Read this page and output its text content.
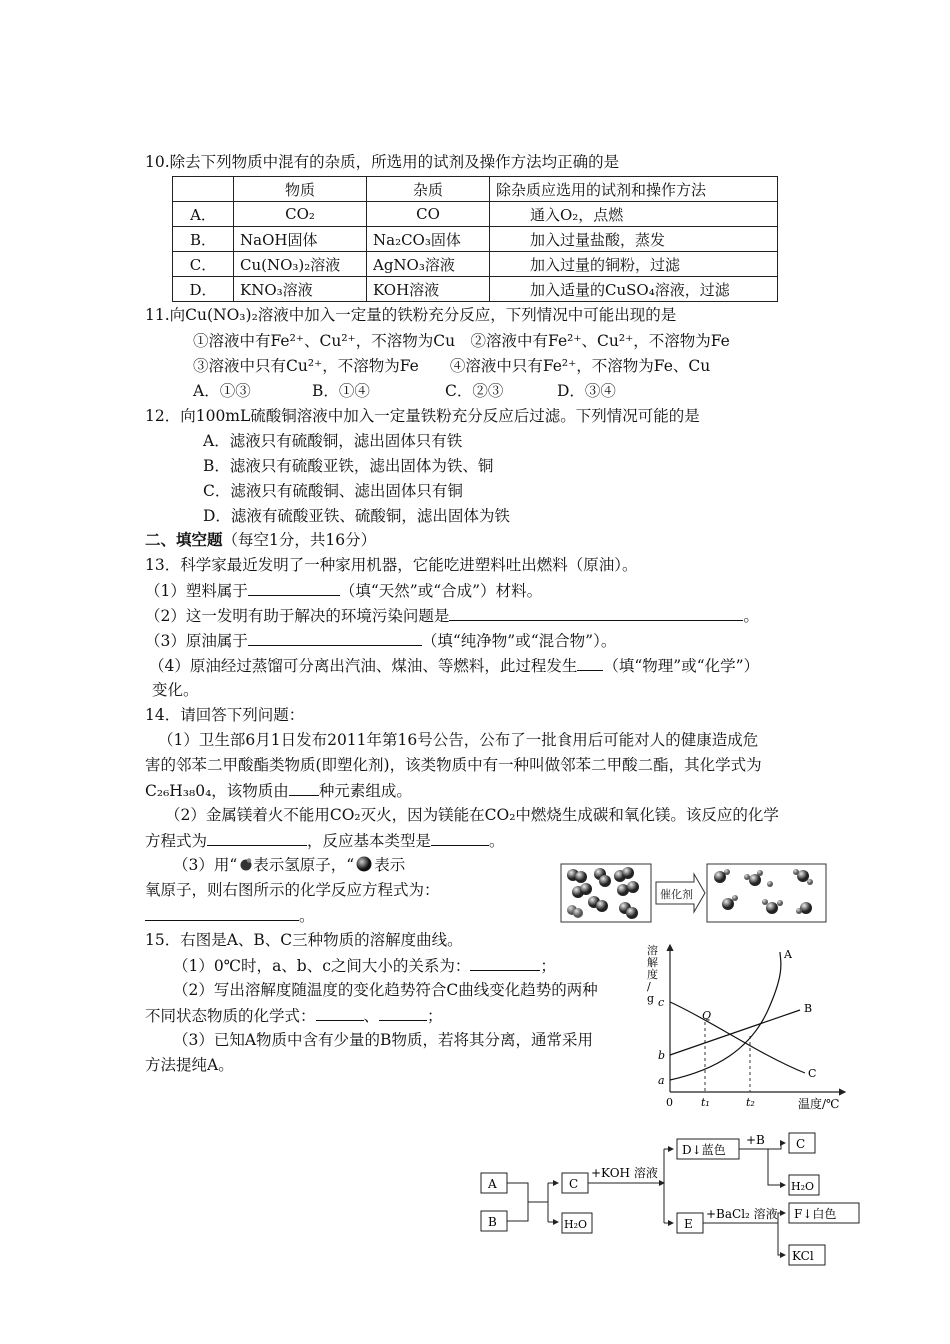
10.除去下列物质中混有的杂质，所选用的试剂及操作方法均正确的是
	物质	杂质	除杂质应选用的试剂和操作方法
A．	CO₂	CO	通入O₂，点燃
B．	NaOH固体	Na₂CO₃固体	加入过量盐酸，蒸发
C．	Cu(NO₃)₂溶液	AgNO₃溶液	加入过量的铜粉，过滤
D．	KNO₃溶液	KOH溶液	加入适量的CuSO₄溶液，过滤
11.向Cu(NO₃)₂溶液中加入一定量的铁粉充分反应，下列情况中可能出现的是
①溶液中有Fe²⁺、Cu²⁺，不溶物为Cu　②溶液中有Fe²⁺、Cu²⁺，不溶物为Fe
③溶液中只有Cu²⁺，不溶物为Fe　　④溶液中只有Fe²⁺，不溶物为Fe、Cu
A．①③	B．①④	C．②③	D．③④
12．向100mL硫酸铜溶液中加入一定量铁粉充分反应后过滤。下列情况可能的是
A．滤液只有硫酸铜，滤出固体只有铁
B．滤液只有硫酸亚铁，滤出固体为铁、铜
C．滤液只有硫酸铜、滤出固体只有铜
D．滤液有硫酸亚铁、硫酸铜，滤出固体为铁
二、填空题（每空1分，共16分）
13．科学家最近发明了一种家用机器，它能吃进塑料吐出燃料（原油）。
（1）塑料属于	（填“天然”或“合成”）材料。
（2）这一发明有助于解决的环境污染问题是	。
（3）原油属于	（填“纯净物”或“混合物”）。
（4）原油经过蒸馏可分离出汽油、煤油、等燃料，此过程发生 （填“物理”或“化学”）
变化。
14．请回答下列问题：
（1）卫生部6月1日发布2011年第16号公告，公布了一批食用后可能对人的健康造成危
害的邻苯二甲酸酯类物质(即塑化剂)，该类物质中有一种叫做邻苯二甲酸二酯，其化学式为
C₂₆H₃₈0₄，该物质由 种元素组成。
（2）金属镁着火不能用CO₂灭火，因为镁能在CO₂中燃烧生成碳和氧化镁。该反应的化学
方程式为	，反应基本类型是	。
（3）用“ 表示氢原子，“ 表示
氧原子，则右图所示的化学反应方程式为：
。
催化剂
15．右图是A、B、C三种物质的溶解度曲线。
（1）0℃时，a、b、c之间大小的关系为：	；
（2）写出溶解度随温度的变化趋势符合C曲线变化趋势的两种
不同状态物质的化学式：	、	；
（3）已知A物质中含有少量的B物质，若将其分离，通常采用
方法提纯A。
溶解度/ g
温度/℃
0
a
b
c
t₁	t₂
A
B
C
Q
A
B
C
H₂O
+KOH 溶液
D↓蓝色
+B
E
+BaCl₂ 溶液
C
H₂O
F↓白色
KCl
